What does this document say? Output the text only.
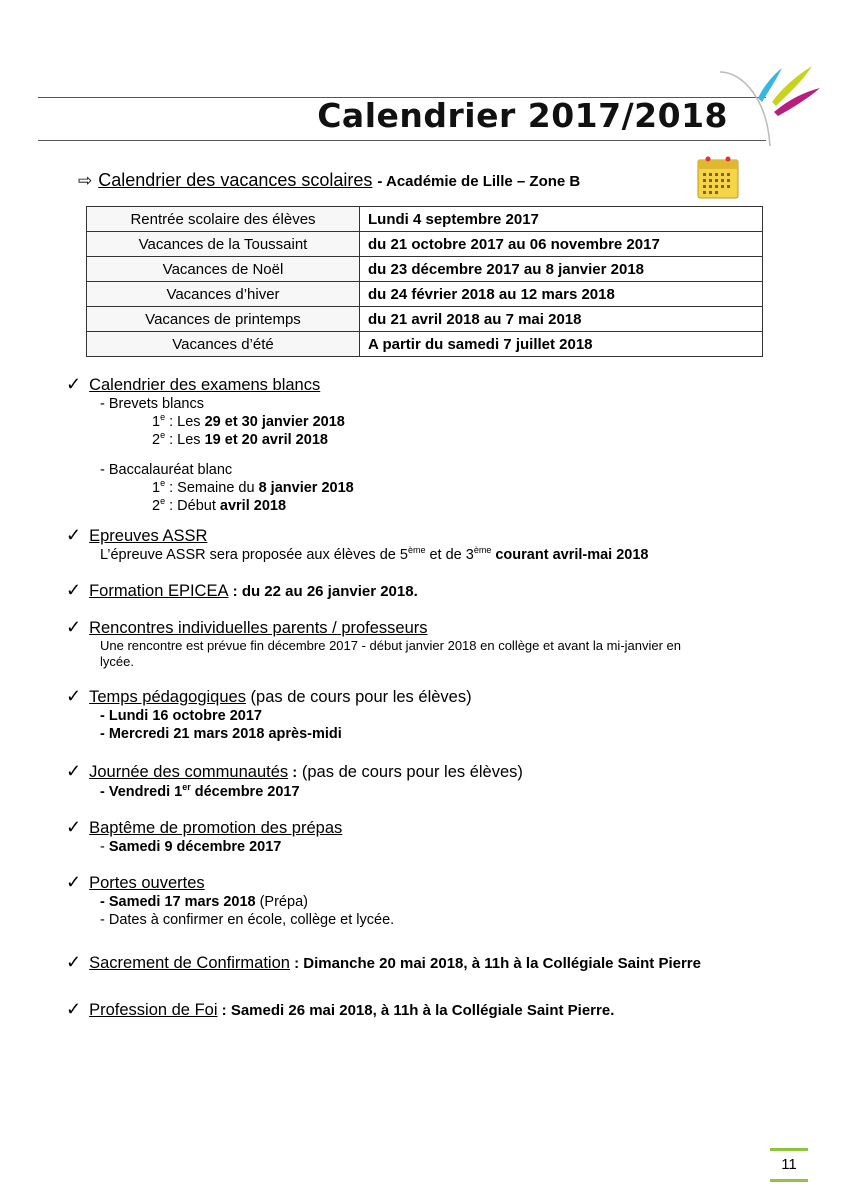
Calendrier 2017/2018
⇨ Calendrier des vacances scolaires - Académie de Lille – Zone B
Rentrée scolaire des élèves	Lundi 4 septembre 2017
Vacances de la Toussaint	du 21 octobre 2017 au 06 novembre 2017
Vacances de Noël	du 23 décembre 2017 au 8 janvier 2018
Vacances d’hiver	du 24 février 2018 au 12 mars 2018
Vacances de printemps	du 21 avril 2018 au 7 mai 2018
Vacances d’été	A partir du samedi 7 juillet 2018
✓ Calendrier des examens blancs
- Brevets blancs
1e : Les 29 et 30 janvier 2018
2e : Les 19 et 20 avril 2018
- Baccalauréat blanc
1e : Semaine du 8 janvier 2018
2e : Début avril 2018
✓ Epreuves ASSR
L’épreuve ASSR sera proposée aux élèves de 5ème et de 3ème courant avril-mai 2018
✓ Formation EPICEA : du 22 au 26 janvier 2018.
✓ Rencontres individuelles parents / professeurs
Une rencontre est prévue fin décembre 2017 - début janvier 2018 en collège et avant la mi-janvier en
lycée.
✓ Temps pédagogiques (pas de cours pour les élèves)
- Lundi 16 octobre 2017
- Mercredi 21 mars 2018 après-midi
✓ Journée des communautés : (pas de cours pour les élèves)
- Vendredi 1er décembre 2017
✓ Baptême de promotion des prépas
- Samedi 9 décembre 2017
✓ Portes ouvertes
- Samedi 17 mars 2018 (Prépa)
- Dates à confirmer en école, collège et lycée.
✓ Sacrement de Confirmation : Dimanche 20 mai 2018, à 11h à la Collégiale Saint Pierre
✓ Profession de Foi : Samedi 26 mai 2018, à 11h à la Collégiale Saint Pierre.
11
